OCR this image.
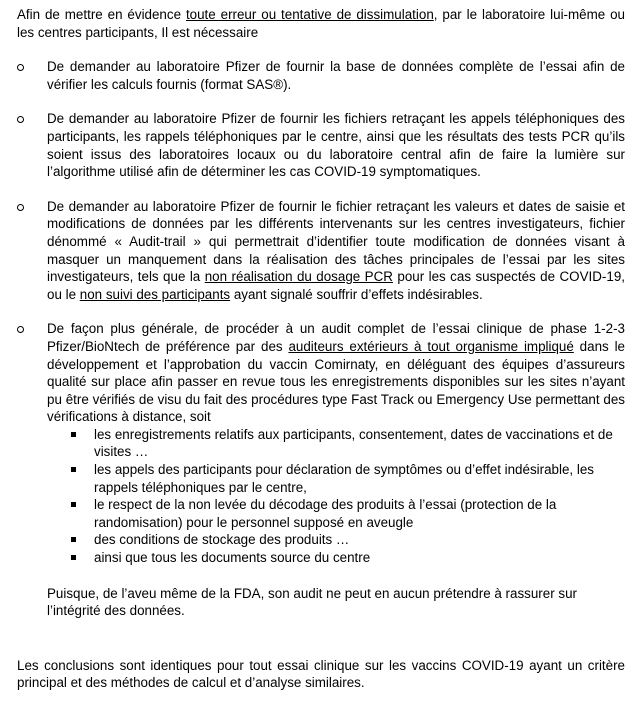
Afin de mettre en évidence toute erreur ou tentative de dissimulation, par le laboratoire lui-même ou les centres participants, Il est nécessaire

De demander au laboratoire Pfizer de fournir la base de données complète de l’essai afin de vérifier les calculs fournis (format SAS®).

De demander au laboratoire Pfizer de fournir les fichiers retraçant les appels téléphoniques des participants, les rappels téléphoniques par le centre, ainsi que les résultats des tests PCR qu’ils soient issus des laboratoires locaux ou du laboratoire central afin de faire la lumière sur l’algorithme utilisé afin de déterminer les cas COVID-19 symptomatiques.

De demander au laboratoire Pfizer de fournir le fichier retraçant les valeurs et dates de saisie et modifications de données par les différents intervenants sur les centres investigateurs, fichier dénommé « Audit-trail » qui permettrait d’identifier toute modification de données visant à masquer un manquement dans la réalisation des tâches principales de l’essai par les sites investigateurs, tels que la non réalisation du dosage PCR pour les cas suspectés de COVID-19, ou le non suivi des participants ayant signalé souffrir d’effets indésirables.

De façon plus générale, de procéder à un audit complet de l’essai clinique de phase 1-2-3 Pfizer/BioNtech de préférence par des auditeurs extérieurs à tout organisme impliqué dans le développement et l’approbation du vaccin Comirnaty, en déléguant des équipes d’assureurs qualité sur place afin passer en revue tous les enregistrements disponibles sur les sites n’ayant pu être vérifiés de visu du fait des procédures type Fast Track ou Emergency Use permettant des vérifications à distance, soit

les enregistrements relatifs aux participants, consentement, dates de vaccinations et de visites …
les appels des participants pour déclaration de symptômes ou d’effet indésirable, les rappels téléphoniques par le centre,
le respect de la non levée du décodage des produits à l’essai (protection de la randomisation) pour le personnel supposé en aveugle
des conditions de stockage des produits …
ainsi que tous les documents source du centre

Puisque, de l’aveu même de la FDA, son audit ne peut en aucun prétendre à rassurer sur l’intégrité des données.

Les conclusions sont identiques pour tout essai clinique sur les vaccins COVID-19 ayant un critère principal et des méthodes de calcul et d’analyse similaires.
